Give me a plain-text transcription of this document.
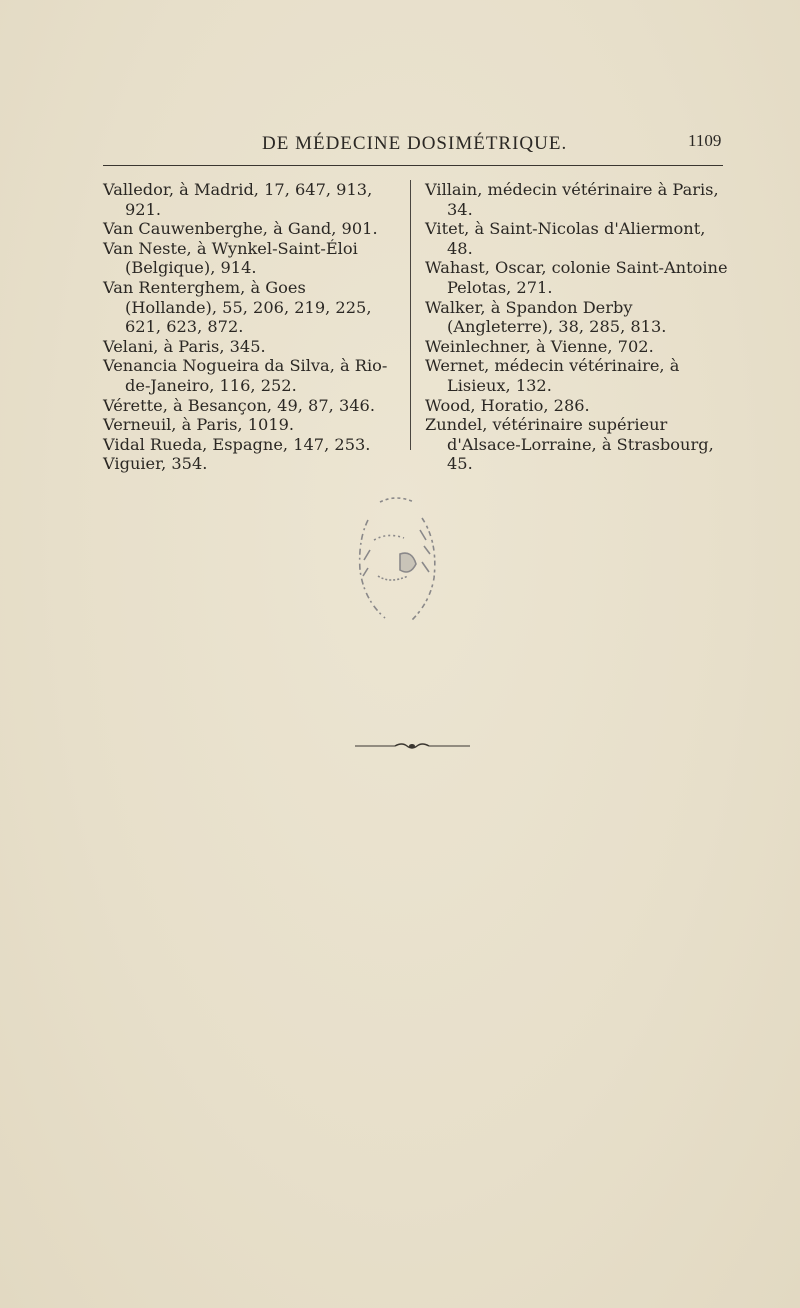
DE MÉDECINE DOSIMÉTRIQUE.	1109

Valledor, à Madrid, 17, 647, 913, 921.

Van Cauwenberghe, à Gand, 901.

Van Neste, à Wynkel-Saint-Éloi (Belgique), 914.

Van Renterghem, à Goes (Hollande), 55, 206, 219, 225, 621, 623, 872.

Velani, à Paris, 345.

Venancia Nogueira da Silva, à Rio-de-Janeiro, 116, 252.

Vérette, à Besançon, 49, 87, 346.

Verneuil, à Paris, 1019.

Vidal Rueda, Espagne, 147, 253.

Viguier, 354.

Villain, médecin vétérinaire à Paris, 34.

Vitet, à Saint-Nicolas d'Aliermont, 48.

Wahast, Oscar, colonie Saint-Antoine Pelotas, 271.

Walker, à Spandon Derby (Angleterre), 38, 285, 813.

Weinlechner, à Vienne, 702.

Wernet, médecin vétérinaire, à Lisieux, 132.

Wood, Horatio, 286.

Zundel, vétérinaire supérieur d'Alsace-Lorraine, à Strasbourg, 45.
